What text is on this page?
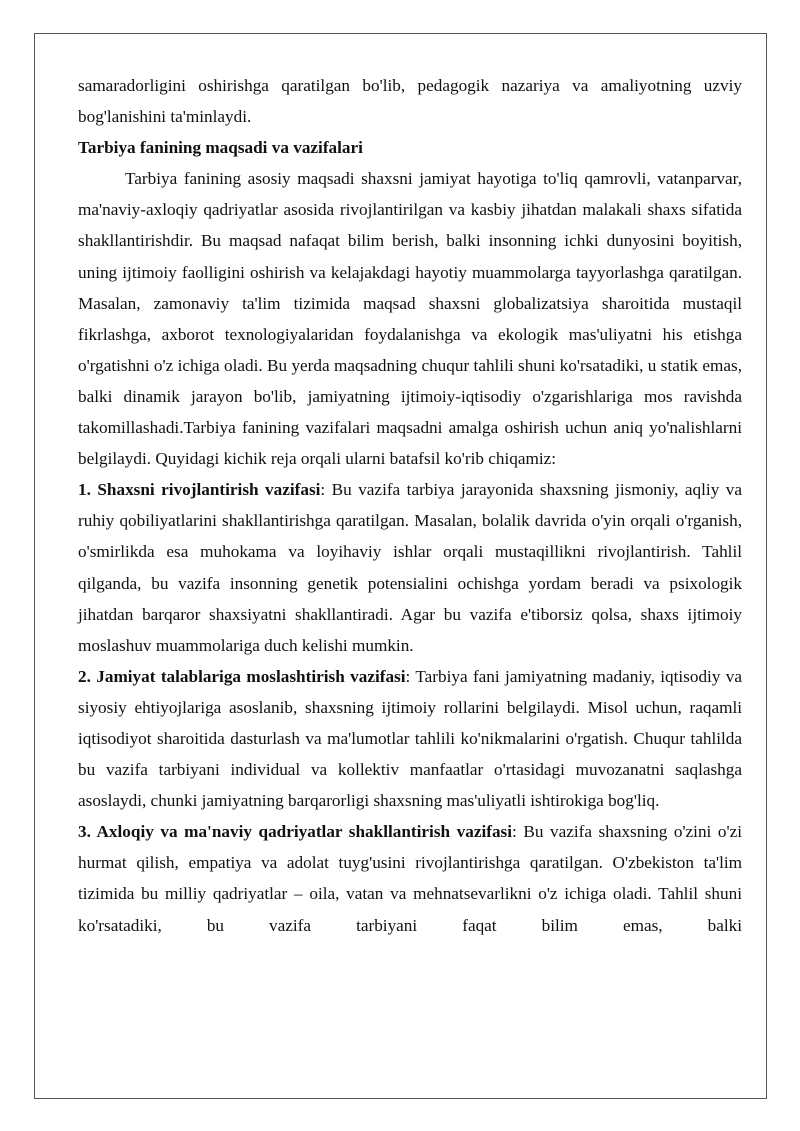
samaradorligini oshirishga qaratilgan bo'lib, pedagogik nazariya va amaliyotning uzviy bog'lanishini ta'minlaydi.

Tarbiya fanining maqsadi va vazifalari

Tarbiya fanining asosiy maqsadi shaxsni jamiyat hayotiga to'liq qamrovli, vatanparvar, ma'naviy-axloqiy qadriyatlar asosida rivojlantirilgan va kasbiy jihatdan malakali shaxs sifatida shakllantirishdir. Bu maqsad nafaqat bilim berish, balki insonning ichki dunyosini boyitish, uning ijtimoiy faolligini oshirish va kelajakdagi hayotiy muammolarga tayyorlashga qaratilgan. Masalan, zamonaviy ta'lim tizimida maqsad shaxsni globalizatsiya sharoitida mustaqil fikrlashga, axborot texnologiyalaridan foydalanishga va ekologik mas'uliyatni his etishga o'rgatishni o'z ichiga oladi. Bu yerda maqsadning chuqur tahlili shuni ko'rsatadiki, u statik emas, balki dinamik jarayon bo'lib, jamiyatning ijtimoiy-iqtisodiy o'zgarishlariga mos ravishda takomillashadi.Tarbiya fanining vazifalari maqsadni amalga oshirish uchun aniq yo'nalishlarni belgilaydi. Quyidagi kichik reja orqali ularni batafsil ko'rib chiqamiz:

1. Shaxsni rivojlantirish vazifasi: Bu vazifa tarbiya jarayonida shaxsning jismoniy, aqliy va ruhiy qobiliyatlarini shakllantirishga qaratilgan. Masalan, bolalik davrida o'yin orqali o'rganish, o'smirlikda esa muhokama va loyihaviy ishlar orqali mustaqillikni rivojlantirish. Tahlil qilganda, bu vazifa insonning genetik potensialini ochishga yordam beradi va psixologik jihatdan barqaror shaxsiyatni shakllantiradi. Agar bu vazifa e'tiborsiz qolsa, shaxs ijtimoiy moslashuv muammolariga duch kelishi mumkin.

2. Jamiyat talablariga moslashtirish vazifasi: Tarbiya fani jamiyatning madaniy, iqtisodiy va siyosiy ehtiyojlariga asoslanib, shaxsning ijtimoiy rollarini belgilaydi. Misol uchun, raqamli iqtisodiyot sharoitida dasturlash va ma'lumotlar tahlili ko'nikmalarini o'rgatish. Chuqur tahlilda bu vazifa tarbiyani individual va kollektiv manfaatlar o'rtasidagi muvozanatni saqlashga asoslaydi, chunki jamiyatning barqarorligi shaxsning mas'uliyatli ishtirokiga bog'liq.

3. Axloqiy va ma'naviy qadriyatlar shakllantirish vazifasi: Bu vazifa shaxsning o'zini o'zi hurmat qilish, empatiya va adolat tuyg'usini rivojlantirishga qaratilgan. O'zbekiston ta'lim tizimida bu milliy qadriyatlar – oila, vatan va mehnatsevarlikni o'z ichiga oladi. Tahlil shuni ko'rsatadiki, bu vazifa tarbiyani faqat bilim emas, balki
